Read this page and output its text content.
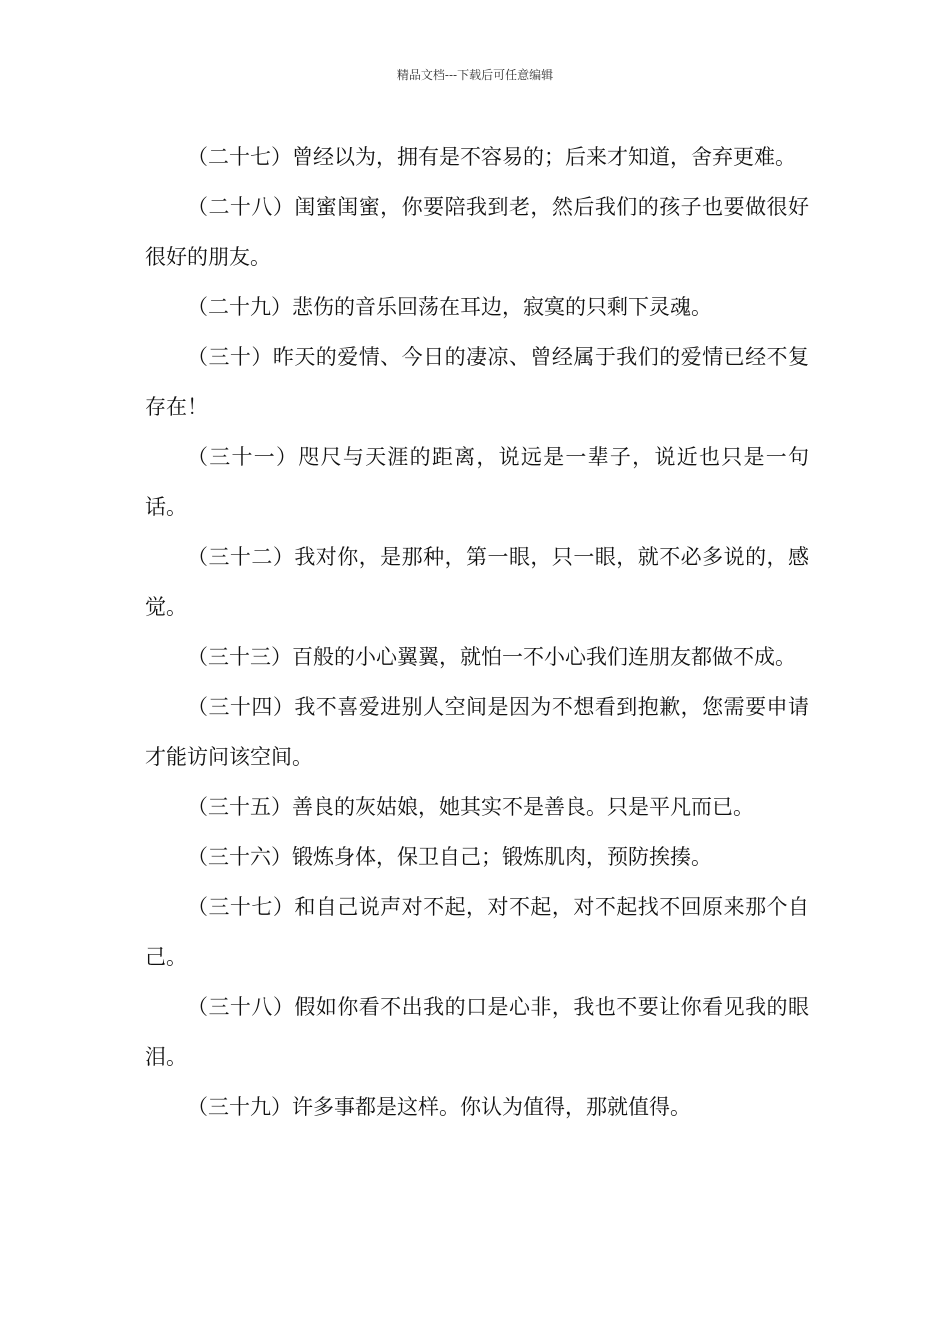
精品文档---下载后可任意编辑

（二十七）曾经以为，拥有是不容易的；后来才知道，舍弃更难。

（二十八）闺蜜闺蜜，你要陪我到老，然后我们的孩子也要做很好很好的朋友。

（二十九）悲伤的音乐回荡在耳边，寂寞的只剩下灵魂。

（三十）昨天的爱情、今日的凄凉、曾经属于我们的爱情已经不复存在！

（三十一）咫尺与天涯的距离，说远是一辈子，说近也只是一句话。

（三十二）我对你，是那种，第一眼，只一眼，就不必多说的，感觉。

（三十三）百般的小心翼翼，就怕一不小心我们连朋友都做不成。

（三十四）我不喜爱进别人空间是因为不想看到抱歉，您需要申请才能访问该空间。

（三十五）善良的灰姑娘，她其实不是善良。只是平凡而已。

（三十六）锻炼身体，保卫自己；锻炼肌肉，预防挨揍。

（三十七）和自己说声对不起，对不起，对不起找不回原来那个自己。

（三十八）假如你看不出我的口是心非，我也不要让你看见我的眼泪。

（三十九）许多事都是这样。你认为值得，那就值得。
